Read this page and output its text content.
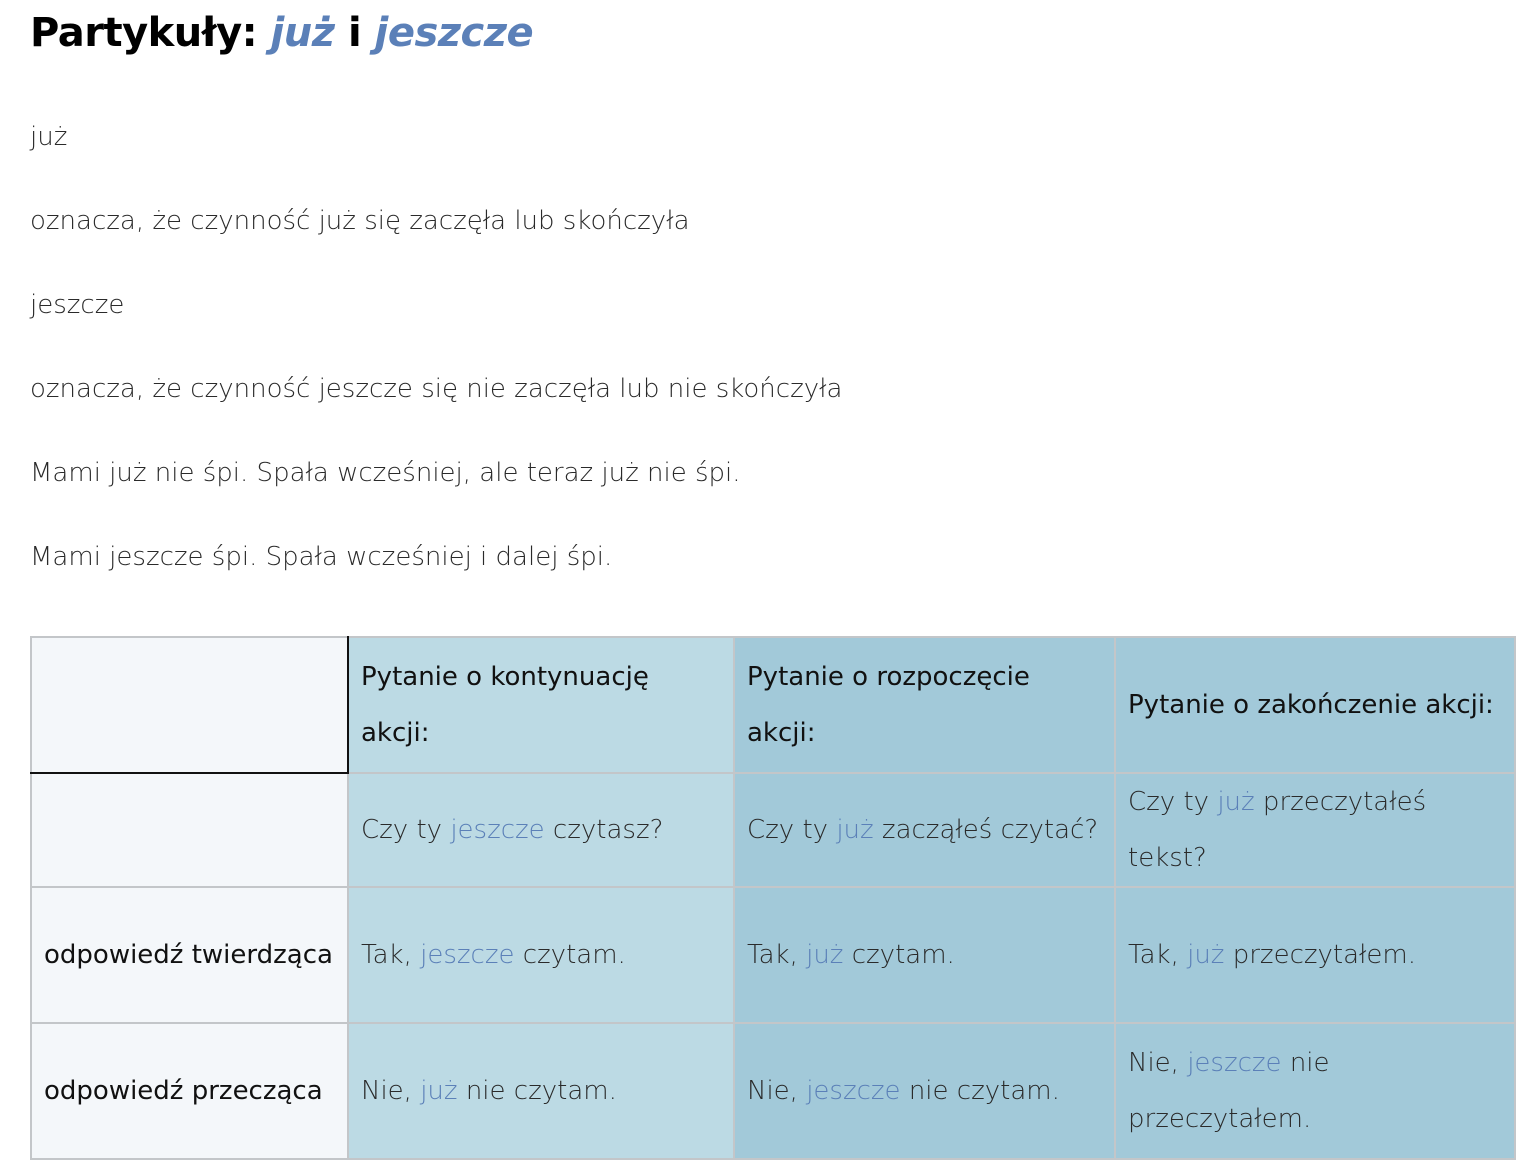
Partykuły: już i jeszcze

już

oznacza, że czynność już się zaczęła lub skończyła

jeszcze

oznacza, że czynność jeszcze się nie zaczęła lub nie skończyła

Mami już nie śpi. Spała wcześniej, ale teraz już nie śpi.

Mami jeszcze śpi. Spała wcześniej i dalej śpi.

	Pytanie o kontynuację akcji:	Pytanie o rozpoczęcie akcji:	Pytanie o zakończenie akcji:
	Czy ty jeszcze czytasz?	Czy ty już zacząłeś czytać?	Czy ty już przeczytałeś tekst?
odpowiedź twierdząca	Tak, jeszcze czytam.	Tak, już czytam.	Tak, już przeczytałem.
odpowiedź przecząca	Nie, już nie czytam.	Nie, jeszcze nie czytam.	Nie, jeszcze nie przeczytałem.
